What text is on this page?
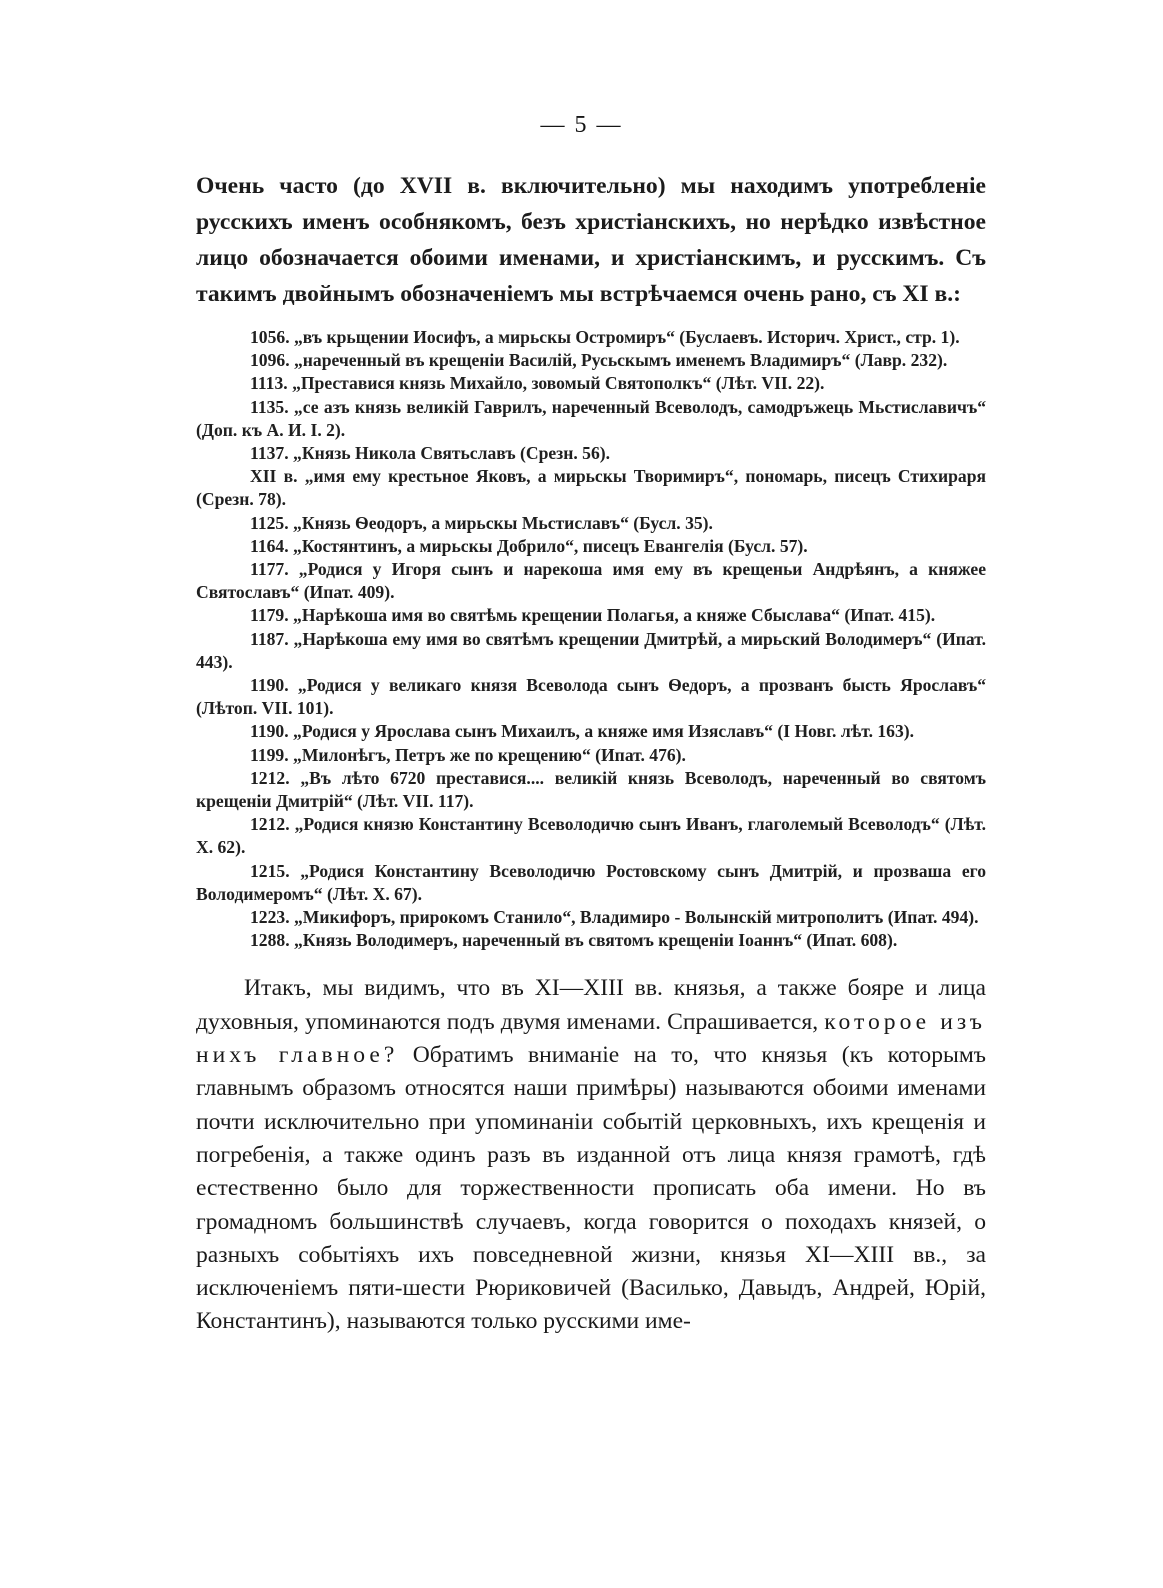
— 5 —

Очень часто (до XVII в. включительно) мы находимъ употребленіе русскихъ именъ особнякомъ, безъ христіанскихъ, но нерѣдко извѣстное лицо обозначается обоими именами, и христіанскимъ, и русскимъ. Съ такимъ двойнымъ обозначеніемъ мы встрѣчаемся очень рано, съ XI в.:

1056. „въ крьщении Иосифъ, а мирьскы Остромиръ“ (Буслаевъ. Историч. Христ., стр. 1).

1096. „нареченный въ крещеніи Василій, Русьскымъ именемъ Владимиръ“ (Лавр. 232).

1113. „Преставися князь Михайло, зовомый Святополкъ“ (Лѣт. VII. 22).

1135. „се азъ князь великій Гаврилъ, нареченный Всеволодъ, самодръжець Мьстиславичъ“ (Доп. къ А. И. I. 2).

1137. „Князь Никола Святьславъ (Срезн. 56).

XII в. „имя ему крестьное Яковъ, а мирьскы Творимиръ“, пономарь, писецъ Стихираря (Срезн. 78).

1125. „Князь Ѳеодоръ, а мирьскы Мьстиславъ“ (Бусл. 35).

1164. „Костянтинъ, а мирьскы Добрило“, писецъ Евангелія (Бусл. 57).

1177. „Родися у Игоря сынъ и нарекоша имя ему въ крещеньи Андрѣянъ, а княжее Святославъ“ (Ипат. 409).

1179. „Нарѣкоша имя во святѣмь крещении Полагья, а княже Сбыслава“ (Ипат. 415).

1187. „Нарѣкоша ему имя во святѣмъ крещении Дмитрѣй, а мирьский Володимеръ“ (Ипат. 443).

1190. „Родися у великаго князя Всеволода сынъ Ѳедоръ, а прозванъ бысть Ярославъ“ (Лѣтоп. VII. 101).

1190. „Родися у Ярослава сынъ Михаилъ, а княже имя Изяславъ“ (I Новг. лѣт. 163).

1199. „Милонѣгъ, Петръ же по крещению“ (Ипат. 476).

1212. „Въ лѣто 6720 преставися.... великій князь Всеволодъ, нареченный во святомъ крещеніи Дмитрій“ (Лѣт. VII. 117).

1212. „Родися князю Константину Всеволодичю сынъ Иванъ, глаголемый Всеволодъ“ (Лѣт. X. 62).

1215. „Родися Константину Всеволодичю Ростовскому сынъ Дмитрій, и прозваша его Володимеромъ“ (Лѣт. X. 67).

1223. „Микифоръ, прирокомъ Станило“, Владимиро - Волынскій митрополитъ (Ипат. 494).

1288. „Князь Володимеръ, нареченный въ святомъ крещеніи Іоаннъ“ (Ипат. 608).

Итакъ, мы видимъ, что въ XI—XIII вв. князья, а также бояре и лица духовныя, упоминаются подъ двумя именами. Спрашивается, которое изъ нихъ главное? Обратимъ вниманіе на то, что князья (къ которымъ главнымъ образомъ относятся наши примѣры) называются обоими именами почти исключительно при упоминаніи событій церковныхъ, ихъ крещенія и погребенія, а также одинъ разъ въ изданной отъ лица князя грамотѣ, гдѣ естественно было для торжественности прописать оба имени. Но въ громадномъ большинствѣ случаевъ, когда говорится о походахъ князей, о разныхъ событіяхъ ихъ повседневной жизни, князья XI—XIII вв., за исключеніемъ пяти-шести Рюриковичей (Василько, Давыдъ, Андрей, Юрій, Константинъ), называются только русскими име-
